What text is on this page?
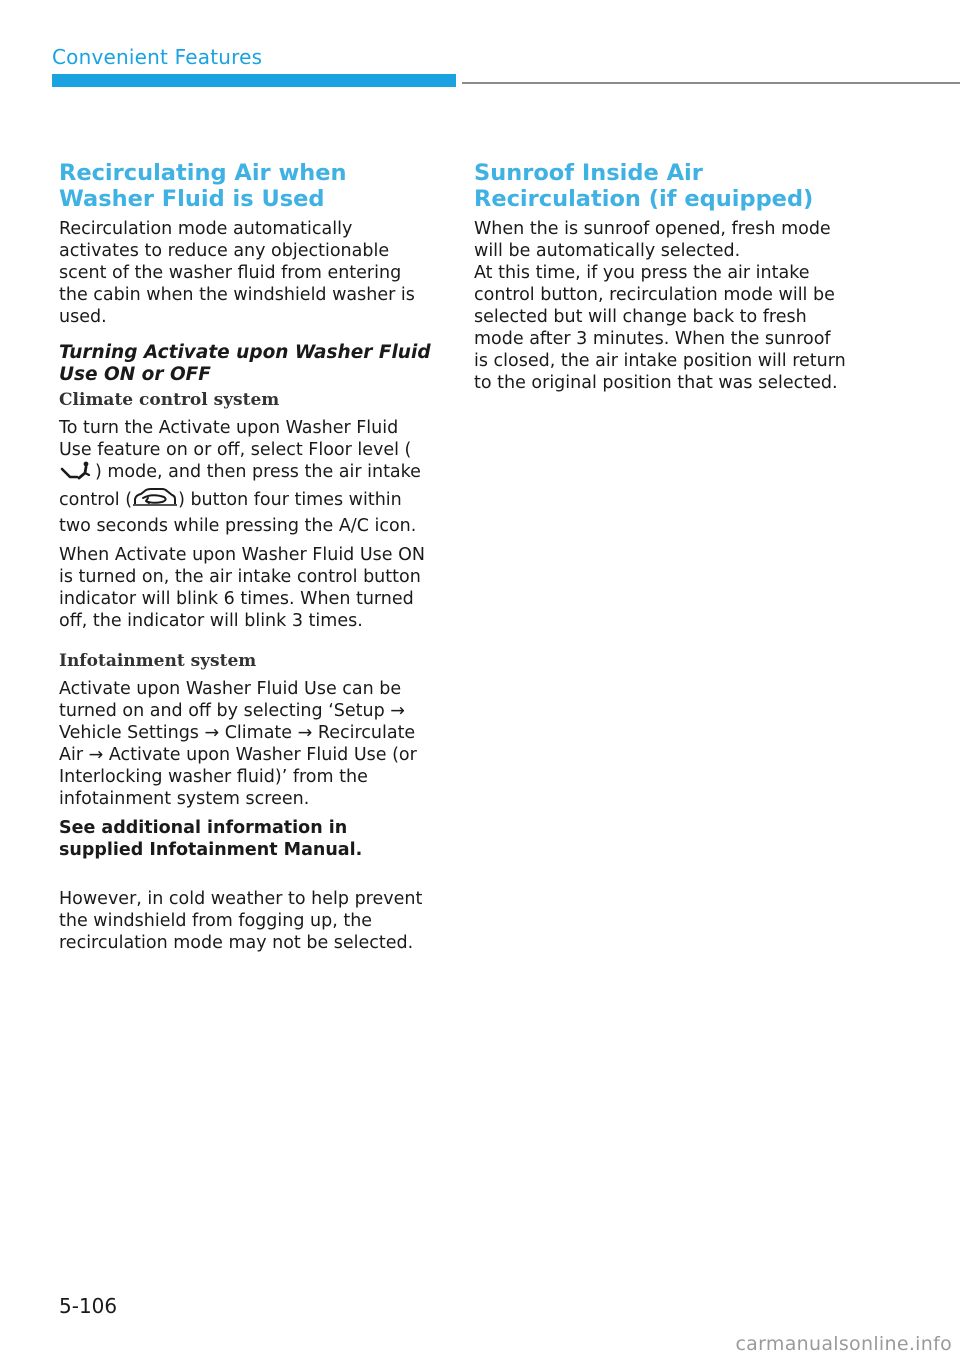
Convenient Features
Recirculating Air when Washer Fluid is Used

Recirculation mode automatically activates to reduce any objectionable scent of the washer fluid from entering the cabin when the windshield washer is used.

Turning Activate upon Washer Fluid Use ON or OFF
Climate control system

To turn the Activate upon Washer Fluid Use feature on or off, select Floor level () mode, and then press the air intake control (	) button four times within two seconds while pressing the A/C icon.

When Activate upon Washer Fluid Use ON is turned on, the air intake control button indicator will blink 6 times. When turned off, the indicator will blink 3 times.

Infotainment system

Activate upon Washer Fluid Use can be turned on and off by selecting ‘Setup → Vehicle Settings → Climate → Recirculate Air → Activate upon Washer Fluid Use (or Interlocking washer fluid)’ from the infotainment system screen.

See additional information in supplied Infotainment Manual.

However, in cold weather to help prevent the windshield from fogging up, the recirculation mode may not be selected.

Sunroof Inside Air Recirculation (if equipped)

When the is sunroof opened, fresh mode will be automatically selected.

At this time, if you press the air intake control button, recirculation mode will be selected but will change back to fresh mode after 3 minutes. When the sunroof is closed, the air intake position will return to the original position that was selected.

5-106
carmanualsonline.info
